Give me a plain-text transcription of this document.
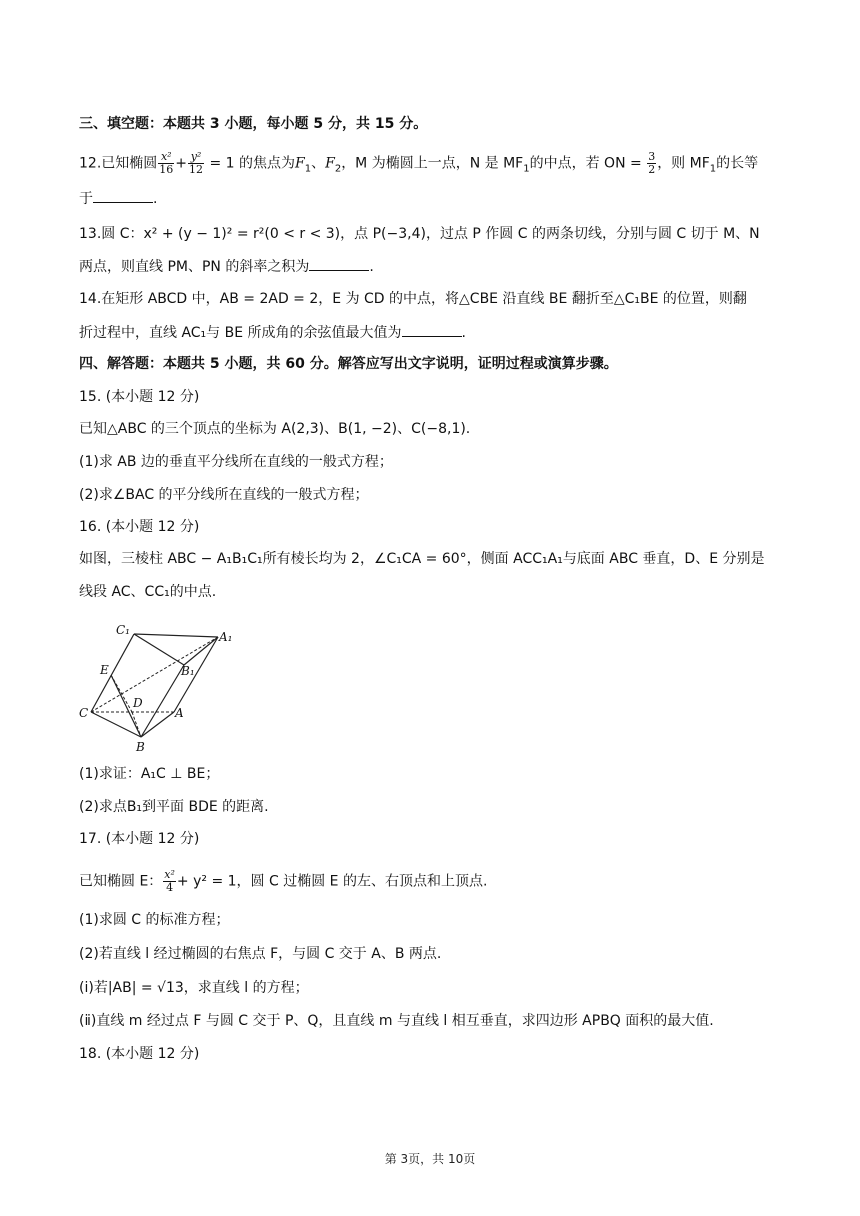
三、填空题：本题共 3 小题，每小题 5 分，共 15 分。
12.已知椭圆 $\frac{\text{x²}}{16} + \frac{\text{y²}}{12} = 1$ 的焦点为$F_1$、$F_2$，M 为椭圆上一点，N 是 $MF_1$的中点，若 ON = $\frac{3}{2}$ ，则 $MF_1$的长等
于	.
13.圆 C：x² + (y − 1)² = r²(0 < r < 3)，点 P(−3,4)，过点 P 作圆 C 的两条切线，分别与圆 C 切于 M、N
两点，则直线 PM、PN 的斜率之积为	.
14.在矩形 ABCD 中，AB = 2AD = 2，E 为 CD 的中点，将△CBE 沿直线 BE 翻折至△C₁BE 的位置，则翻
折过程中，直线 AC₁与 BE 所成角的余弦值最大值为	.
四、解答题：本题共 5 小题，共 60 分。解答应写出文字说明，证明过程或演算步骤。
15. (本小题 12 分)
已知△ABC 的三个顶点的坐标为 A(2,3)、B(1, −2)、C(−8,1).
(1)求 AB 边的垂直平分线所在直线的一般式方程；
(2)求∠BAC 的平分线所在直线的一般式方程；
16. (本小题 12 分)
如图，三棱柱 ABC − A₁B₁C₁所有棱长均为 2，∠C₁CA = 60°，侧面 ACC₁A₁与底面 ABC 垂直，D、E 分别是
线段 AC、CC₁的中点.
C₁	A₁
E	B₁
D
C	A
B
(1)求证：A₁C ⊥ BE；
(2)求点B₁到平面 BDE 的距离.
17. (本小题 12 分)
已知椭圆 E： $\frac{\text{x²}}{4} + y^2 = 1$，圆 C 过椭圆 E 的左、右顶点和上顶点.
(1)求圆 C 的标准方程；
(2)若直线 l 经过椭圆的右焦点 F，与圆 C 交于 A、B 两点.
(ⅰ)若|AB| = √13，求直线 l 的方程；
(ⅱ)直线 m 经过点 F 与圆 C 交于 P、Q，且直线 m 与直线 l 相互垂直，求四边形 APBQ 面积的最大值.
18. (本小题 12 分)
第 3页，共 10页
